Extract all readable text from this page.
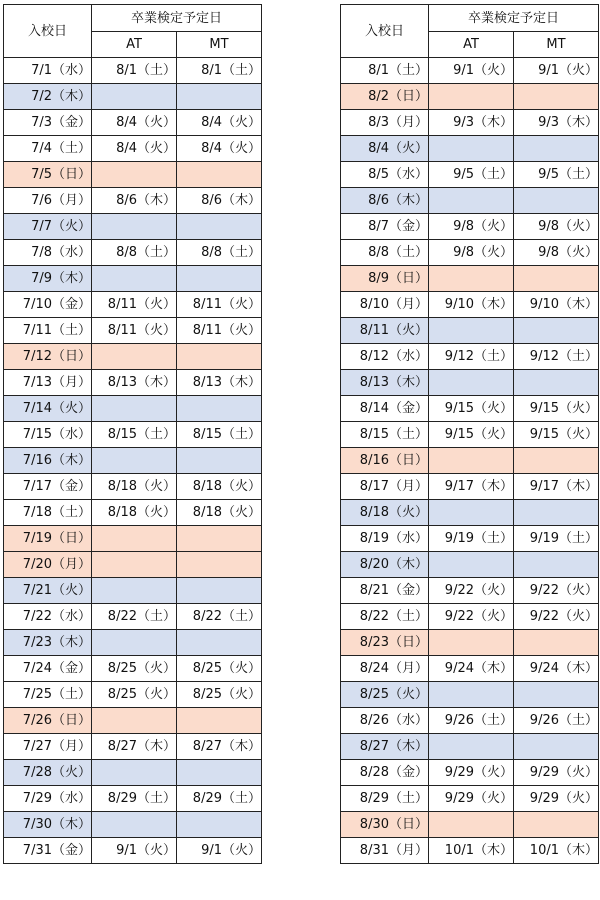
入校日	卒業検定予定日	
	AT	MT
7/1（水）	8/1（土）	8/1（土）
7/2（木）		
7/3（金）	8/4（火）	8/4（火）
7/4（土）	8/4（火）	8/4（火）
7/5（日）		
7/6（月）	8/6（木）	8/6（木）
7/7（火）		
7/8（水）	8/8（土）	8/8（土）
7/9（木）		
7/10（金）	8/11（火）	8/11（火）
7/11（土）	8/11（火）	8/11（火）
7/12（日）		
7/13（月）	8/13（木）	8/13（木）
7/14（火）		
7/15（水）	8/15（土）	8/15（土）
7/16（木）		
7/17（金）	8/18（火）	8/18（火）
7/18（土）	8/18（火）	8/18（火）
7/19（日）		
7/20（月）		
7/21（火）		
7/22（水）	8/22（土）	8/22（土）
7/23（木）		
7/24（金）	8/25（火）	8/25（火）
7/25（土）	8/25（火）	8/25（火）
7/26（日）		
7/27（月）	8/27（木）	8/27（木）
7/28（火）		
7/29（水）	8/29（土）	8/29（土）
7/30（木）		
7/31（金）	9/1（火）	9/1（火）
入校日	卒業検定予定日	
	AT	MT
8/1（土）	9/1（火）	9/1（火）
8/2（日）		
8/3（月）	9/3（木）	9/3（木）
8/4（火）		
8/5（水）	9/5（土）	9/5（土）
8/6（木）		
8/7（金）	9/8（火）	9/8（火）
8/8（土）	9/8（火）	9/8（火）
8/9（日）		
8/10（月）	9/10（木）	9/10（木）
8/11（火）		
8/12（水）	9/12（土）	9/12（土）
8/13（木）		
8/14（金）	9/15（火）	9/15（火）
8/15（土）	9/15（火）	9/15（火）
8/16（日）		
8/17（月）	9/17（木）	9/17（木）
8/18（火）		
8/19（水）	9/19（土）	9/19（土）
8/20（木）		
8/21（金）	9/22（火）	9/22（火）
8/22（土）	9/22（火）	9/22（火）
8/23（日）		
8/24（月）	9/24（木）	9/24（木）
8/25（火）		
8/26（水）	9/26（土）	9/26（土）
8/27（木）		
8/28（金）	9/29（火）	9/29（火）
8/29（土）	9/29（火）	9/29（火）
8/30（日）		
8/31（月）	10/1（木）	10/1（木）
